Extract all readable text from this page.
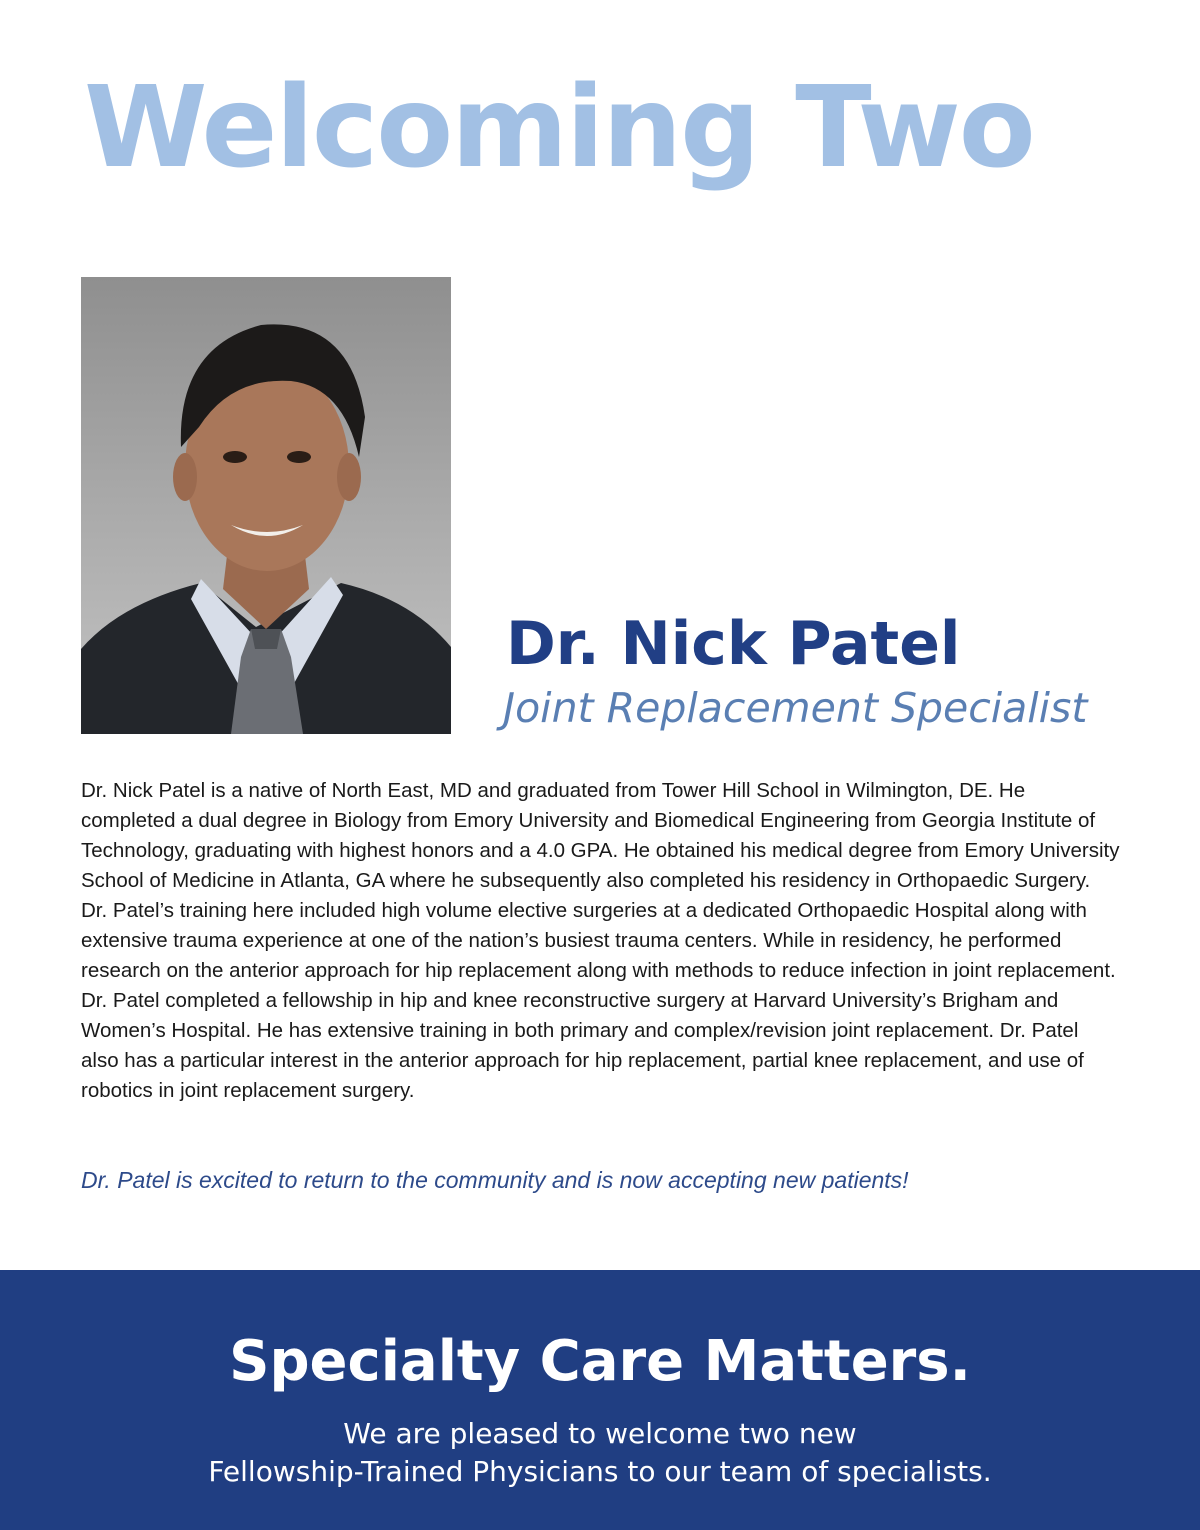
Welcoming Two
Dr. Nick Patel

Joint Replacement Specialist

Dr. Nick Patel is a native of North East, MD and graduated from Tower Hill School in Wilmington, DE. He completed a dual degree in Biology from Emory University and Biomedical Engineering from Georgia Institute of Technology, graduating with highest honors and a 4.0 GPA. He obtained his medical degree from Emory University School of Medicine in Atlanta, GA where he subsequently also completed his residency in Orthopaedic Surgery. Dr. Patel’s training here included high volume elective surgeries at a dedicated Orthopaedic Hospital along with extensive trauma experience at one of the nation’s busiest trauma centers. While in residency, he performed research on the anterior approach for hip replacement along with methods to reduce infection in joint replacement. Dr. Patel completed a fellowship in hip and knee reconstructive surgery at Harvard University’s Brigham and Women’s Hospital. He has extensive training in both primary and complex/revision joint replacement. Dr. Patel also has a particular interest in the anterior approach for hip replacement, partial knee replacement, and use of robotics in joint replacement surgery.

Dr. Patel is excited to return to the community and is now accepting new patients!

Specialty Care Matters.

We are pleased to welcome two new

Fellowship-Trained Physicians to our team of specialists.
